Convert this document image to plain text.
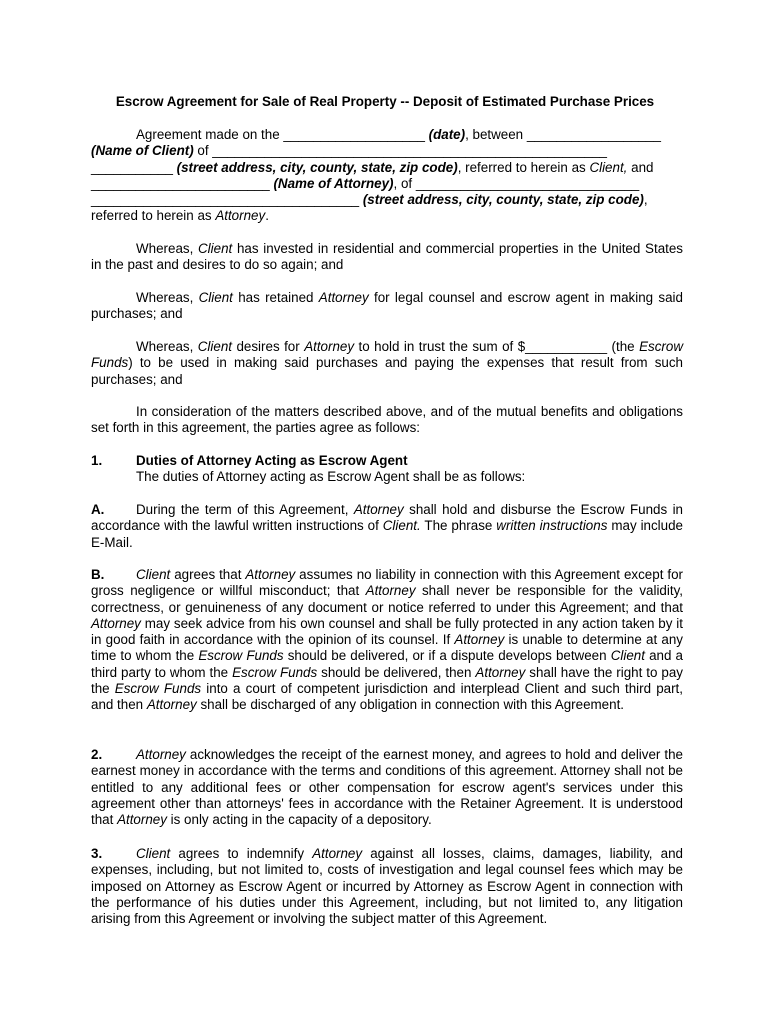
Escrow Agreement for Sale of Real Property -- Deposit of Estimated Purchase Prices

Agreement made on the ___________________ (date), between __________________
(Name of Client) of _____________________________________________________
___________ (street address, city, county, state, zip code), referred to herein as Client, and
________________________ (Name of Attorney), of ______________________________
____________________________________ (street address, city, county, state, zip code),
referred to herein as Attorney.

Whereas, Client has invested in residential and commercial properties in the United States in the past and desires to do so again; and

Whereas, Client has retained Attorney for legal counsel and escrow agent in making said purchases; and

Whereas, Client desires for Attorney to hold in trust the sum of $___________ (the Escrow Funds) to be used in making said purchases and paying the expenses that result from such purchases; and

In consideration of the matters described above, and of the mutual benefits and obligations set forth in this agreement, the parties agree as follows:

1.	Duties of Attorney Acting as Escrow Agent
The duties of Attorney acting as Escrow Agent shall be as follows:

A. During the term of this Agreement, Attorney shall hold and disburse the Escrow Funds in accordance with the lawful written instructions of Client. The phrase written instructions may include E-Mail.

B. Client agrees that Attorney assumes no liability in connection with this Agreement except for gross negligence or willful misconduct; that Attorney shall never be responsible for the validity, correctness, or genuineness of any document or notice referred to under this Agreement; and that Attorney may seek advice from his own counsel and shall be fully protected in any action taken by it in good faith in accordance with the opinion of its counsel. If Attorney is unable to determine at any time to whom the Escrow Funds should be delivered, or if a dispute develops between Client and a third party to whom the Escrow Funds should be delivered, then Attorney shall have the right to pay the Escrow Funds into a court of competent jurisdiction and interplead Client and such third part, and then Attorney shall be discharged of any obligation in connection with this Agreement.

2.	Attorney acknowledges the receipt of the earnest money, and agrees to hold and deliver the earnest money in accordance with the terms and conditions of this agreement. Attorney shall not be entitled to any additional fees or other compensation for escrow agent's services under this agreement other than attorneys' fees in accordance with the Retainer Agreement. It is understood that Attorney is only acting in the capacity of a depository.

3.	Client agrees to indemnify Attorney against all losses, claims, damages, liability, and expenses, including, but not limited to, costs of investigation and legal counsel fees which may be imposed on Attorney as Escrow Agent or incurred by Attorney as Escrow Agent in connection with the performance of his duties under this Agreement, including, but not limited to, any litigation arising from this Agreement or involving the subject matter of this Agreement.
